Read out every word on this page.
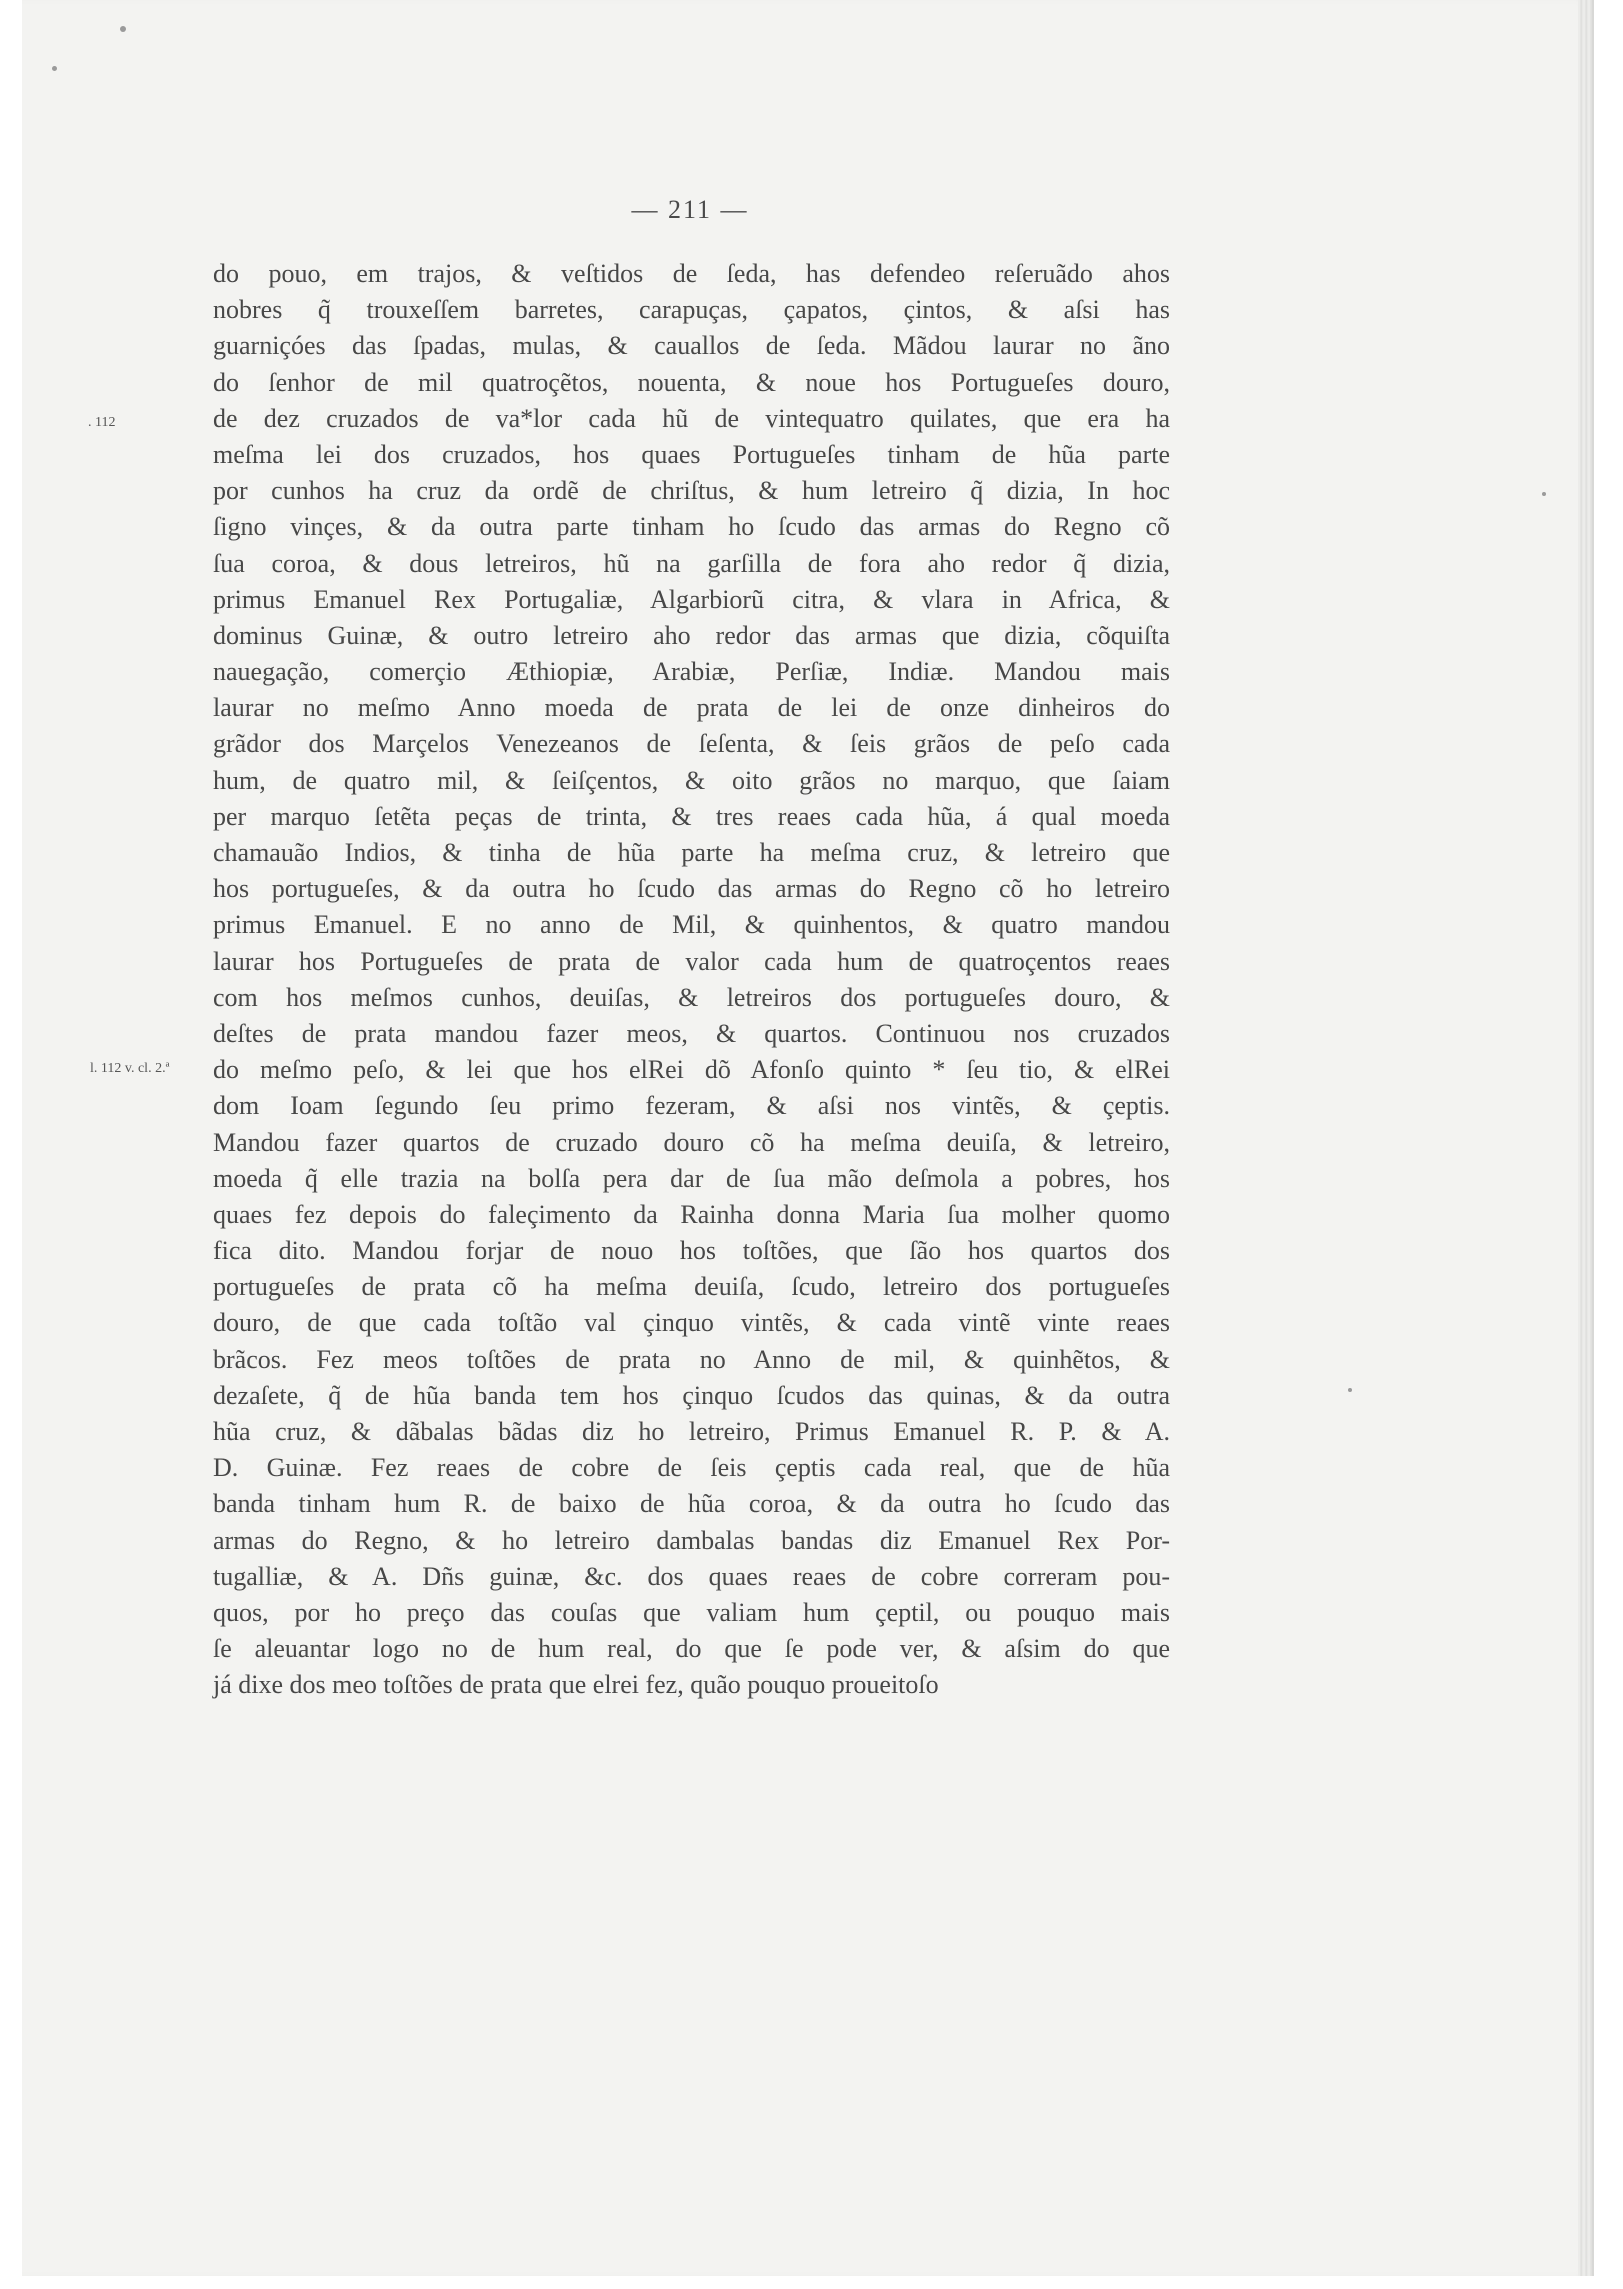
— 211 —
. 112
l. 112 v. cl. 2.ª
do pouo, em trajos, & veſtidos de ſeda, has defendeo reſeruãdo ahos
nobres q̃ trouxeſſem barretes, carapuças, çapatos, çintos, & aſsi has
guarniçóes das ſpadas, mulas, & cauallos de ſeda. Mãdou laurar no ãno
do ſenhor de mil quatroçẽtos, nouenta, & noue hos Portugueſes douro,
de dez cruzados de va*lor cada hũ de vintequatro quilates, que era ha
meſma lei dos cruzados, hos quaes Portugueſes tinham de hũa parte
por cunhos ha cruz da ordẽ de chriſtus, & hum letreiro q̃ dizia, In hoc
ſigno vinçes, & da outra parte tinham ho ſcudo das armas do Regno cõ
ſua coroa, & dous letreiros, hũ na garſilla de fora aho redor q̃ dizia,
primus Emanuel Rex Portugaliæ, Algarbiorũ citra, & vlara in Africa, &
dominus Guinæ, & outro letreiro aho redor das armas que dizia, cõquiſta
nauegação, comerçio Æthiopiæ, Arabiæ, Perſiæ, Indiæ. Mandou mais
laurar no meſmo Anno moeda de prata de lei de onze dinheiros do
grãdor dos Marçelos Venezeanos de ſeſenta, & ſeis grãos de peſo cada
hum, de quatro mil, & ſeiſçentos, & oito grãos no marquo, que ſaiam
per marquo ſetẽta peças de trinta, & tres reaes cada hũa, á qual moeda
chamauão Indios, & tinha de hũa parte ha meſma cruz, & letreiro que
hos portugueſes, & da outra ho ſcudo das armas do Regno cõ ho letreiro
primus Emanuel. E no anno de Mil, & quinhentos, & quatro mandou
laurar hos Portugueſes de prata de valor cada hum de quatroçentos reaes
com hos meſmos cunhos, deuiſas, & letreiros dos portugueſes douro, &
deſtes de prata mandou fazer meos, & quartos. Continuou nos cruzados
do meſmo peſo, & lei que hos elRei dõ Afonſo quinto * ſeu tio, & elRei
dom Ioam ſegundo ſeu primo fezeram, & aſsi nos vintẽs, & çeptis.
Mandou fazer quartos de cruzado douro cõ ha meſma deuiſa, & letreiro,
moeda q̃ elle trazia na bolſa pera dar de ſua mão deſmola a pobres, hos
quaes fez depois do faleçimento da Rainha donna Maria ſua molher quomo
fica dito. Mandou forjar de nouo hos toſtões, que ſão hos quartos dos
portugueſes de prata cõ ha meſma deuiſa, ſcudo, letreiro dos portugueſes
douro, de que cada toſtão val çinquo vintẽs, & cada vintẽ vinte reaes
brãcos. Fez meos toſtões de prata no Anno de mil, & quinhẽtos, &
dezaſete, q̃ de hũa banda tem hos çinquo ſcudos das quinas, & da outra
hũa cruz, & dãbalas bãdas diz ho letreiro, Primus Emanuel R. P. & A.
D. Guinæ. Fez reaes de cobre de ſeis çeptis cada real, que de hũa
banda tinham hum R. de baixo de hũa coroa, & da outra ho ſcudo das
armas do Regno, & ho letreiro dambalas bandas diz Emanuel Rex Por-
tugalliæ, & A. Dñs guinæ, &c. dos quaes reaes de cobre correram pou-
quos, por ho preço das couſas que valiam hum çeptil, ou pouquo mais
ſe aleuantar logo no de hum real, do que ſe pode ver, & aſsim do que
já dixe dos meo toſtões de prata que elrei fez, quão pouquo proueitoſo
